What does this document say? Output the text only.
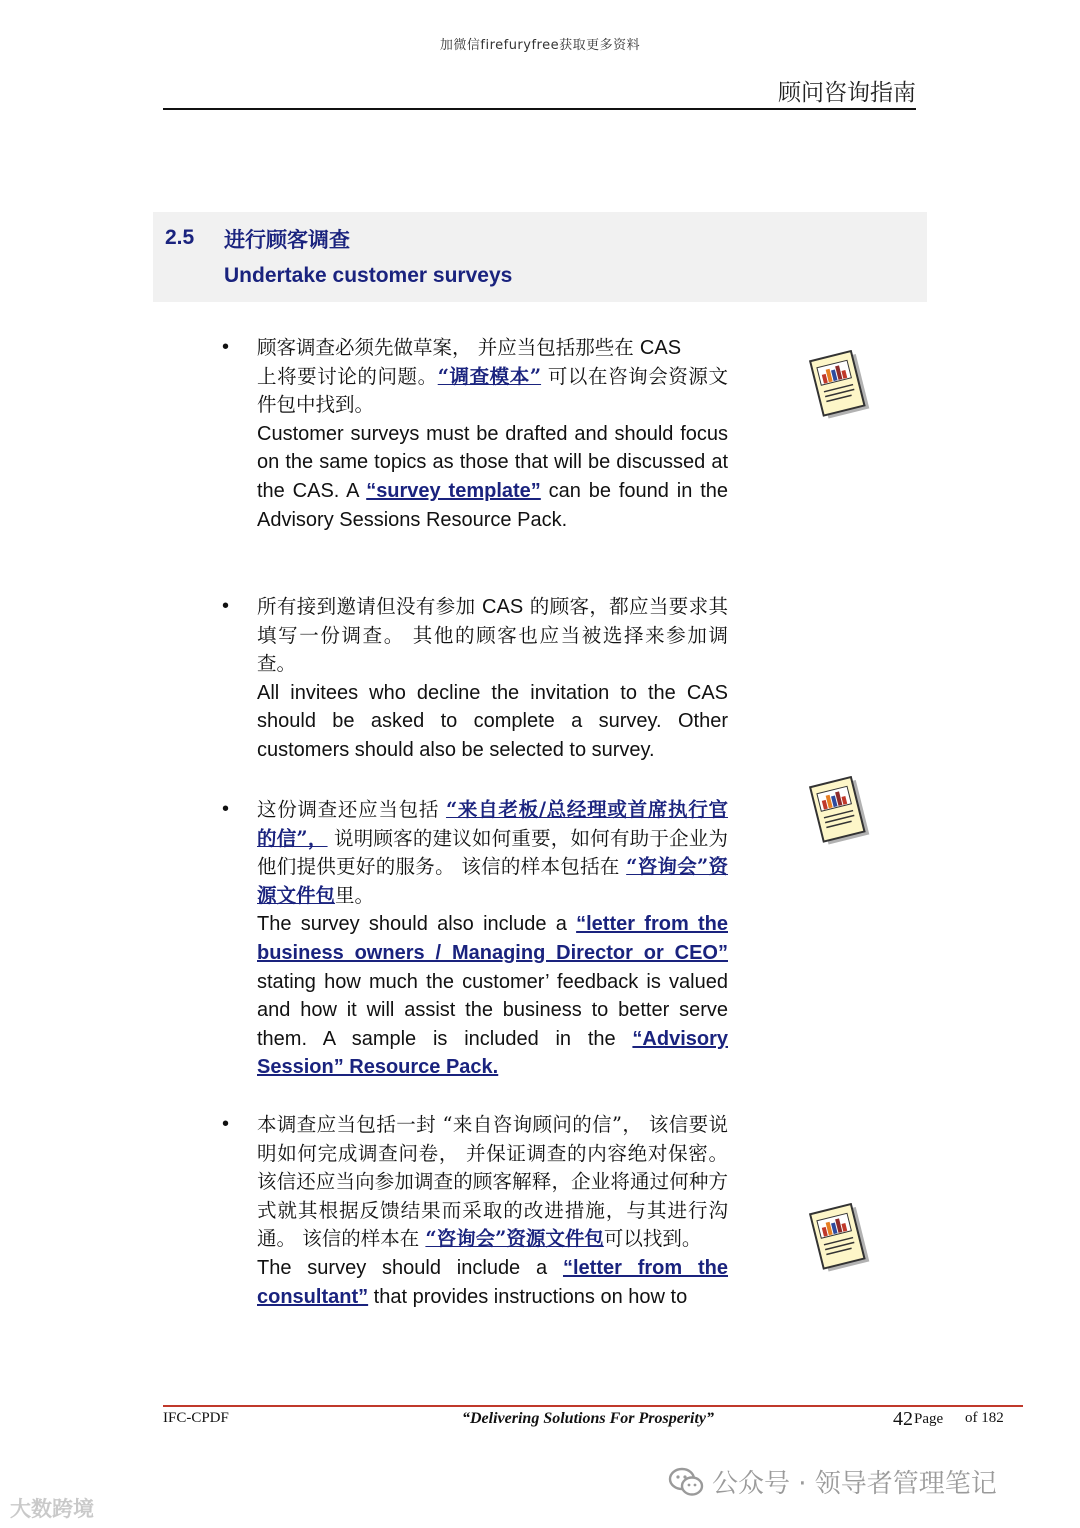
加微信firefuryfree获取更多资料
顾问咨询指南
2.5 进行顾客调查
Undertake customer surveys
• 顾客调查必须先做草案， 并应当包括那些在 CAS
上将要讨论的问题。“调查模本” 可以在咨询会资源文件包中找到。
Customer surveys must be drafted and should focus on the same topics as those that will be discussed at the CAS. A “survey template” can be found in the Advisory Sessions Resource Pack.
• 所有接到邀请但没有参加 CAS 的顾客，都应当要求其填写一份调查。 其他的顾客也应当被选择来参加调查。
All invitees who decline the invitation to the CAS should be asked to complete a survey. Other customers should also be selected to survey.
• 这份调查还应当包括 “来自老板/总经理或首席执行官的信”， 说明顾客的建议如何重要，如何有助于企业为他们提供更好的服务。 该信的样本包括在 “咨询会”资源文件包里。
The survey should also include a “letter from the business owners / Managing Director or CEO” stating how much the customer’ feedback is valued and how it will assist the business to better serve them. A sample is included in the “Advisory Session” Resource Pack.
• 本调查应当包括一封 “来自咨询顾问的信”， 该信要说明如何完成调查问卷， 并保证调查的内容绝对保密。 该信还应当向参加调查的顾客解释，企业将通过何种方式就其根据反馈结果而采取的改进措施，与其进行沟通。 该信的样本在 “咨询会”资源文件包可以找到。
The survey should include a “letter from the consultant” that provides instructions on how to
IFC-CPDF	“Delivering Solutions For Prosperity”	42 Page of 182
大数跨境
公众号 · 领导者管理笔记
